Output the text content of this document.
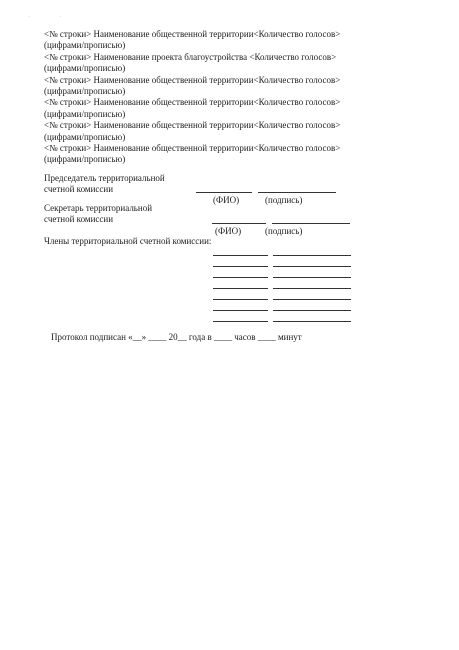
· ·
<№ строки> Наименование общественной территории<Количество голосов>
(цифрами/прописью)
<№ строки> Наименование проекта благоустройства <Количество голосов>
(цифрами/прописью)
<№ строки> Наименование общественной территории<Количество голосов>
(цифрами/прописью)
<№ строки> Наименование общественной территории<Количество голосов>
(цифрами/прописью)
<№ строки> Наименование общественной территории<Количество голосов>
(цифрами/прописью)
<№ строки> Наименование общественной территории<Количество голосов>
(цифрами/прописью)
Председатель территориальной
счетной комиссии
(ФИО)	(подпись)
Секретарь территориальной
счетной комиссии
(ФИО)	(подпись)
Члены территориальной счетной комиссии:
Протокол подписан «__» ____ 20__ года в ____ часов ____ минут
